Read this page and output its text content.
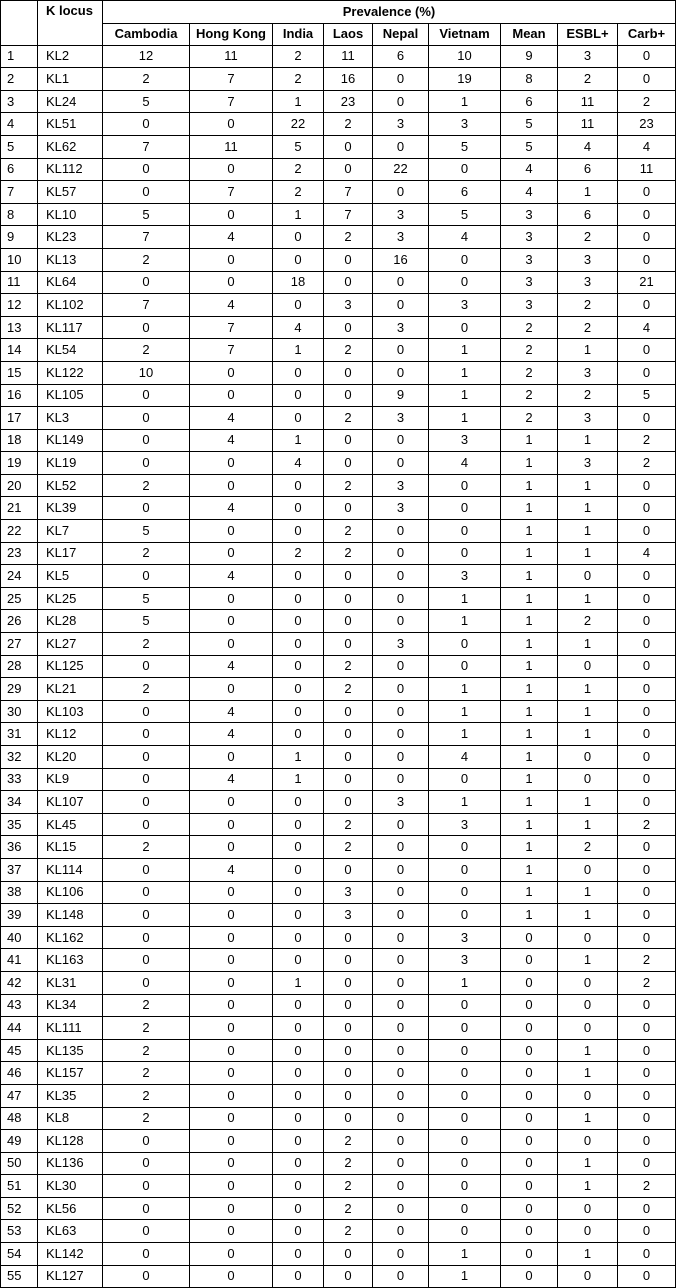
	K locus	Prevalence (%)								
		Cambodia	Hong Kong	India	Laos	Nepal	Vietnam	Mean	ESBL+	Carb+
1	KL2	12	11	2	11	6	10	9	3	0
2	KL1	2	7	2	16	0	19	8	2	0
3	KL24	5	7	1	23	0	1	6	11	2
4	KL51	0	0	22	2	3	3	5	11	23
5	KL62	7	11	5	0	0	5	5	4	4
6	KL112	0	0	2	0	22	0	4	6	11
7	KL57	0	7	2	7	0	6	4	1	0
8	KL10	5	0	1	7	3	5	3	6	0
9	KL23	7	4	0	2	3	4	3	2	0
10	KL13	2	0	0	0	16	0	3	3	0
11	KL64	0	0	18	0	0	0	3	3	21
12	KL102	7	4	0	3	0	3	3	2	0
13	KL117	0	7	4	0	3	0	2	2	4
14	KL54	2	7	1	2	0	1	2	1	0
15	KL122	10	0	0	0	0	1	2	3	0
16	KL105	0	0	0	0	9	1	2	2	5
17	KL3	0	4	0	2	3	1	2	3	0
18	KL149	0	4	1	0	0	3	1	1	2
19	KL19	0	0	4	0	0	4	1	3	2
20	KL52	2	0	0	2	3	0	1	1	0
21	KL39	0	4	0	0	3	0	1	1	0
22	KL7	5	0	0	2	0	0	1	1	0
23	KL17	2	0	2	2	0	0	1	1	4
24	KL5	0	4	0	0	0	3	1	0	0
25	KL25	5	0	0	0	0	1	1	1	0
26	KL28	5	0	0	0	0	1	1	2	0
27	KL27	2	0	0	0	3	0	1	1	0
28	KL125	0	4	0	2	0	0	1	0	0
29	KL21	2	0	0	2	0	1	1	1	0
30	KL103	0	4	0	0	0	1	1	1	0
31	KL12	0	4	0	0	0	1	1	1	0
32	KL20	0	0	1	0	0	4	1	0	0
33	KL9	0	4	1	0	0	0	1	0	0
34	KL107	0	0	0	0	3	1	1	1	0
35	KL45	0	0	0	2	0	3	1	1	2
36	KL15	2	0	0	2	0	0	1	2	0
37	KL114	0	4	0	0	0	0	1	0	0
38	KL106	0	0	0	3	0	0	1	1	0
39	KL148	0	0	0	3	0	0	1	1	0
40	KL162	0	0	0	0	0	3	0	0	0
41	KL163	0	0	0	0	0	3	0	1	2
42	KL31	0	0	1	0	0	1	0	0	2
43	KL34	2	0	0	0	0	0	0	0	0
44	KL111	2	0	0	0	0	0	0	0	0
45	KL135	2	0	0	0	0	0	0	1	0
46	KL157	2	0	0	0	0	0	0	1	0
47	KL35	2	0	0	0	0	0	0	0	0
48	KL8	2	0	0	0	0	0	0	1	0
49	KL128	0	0	0	2	0	0	0	0	0
50	KL136	0	0	0	2	0	0	0	1	0
51	KL30	0	0	0	2	0	0	0	1	2
52	KL56	0	0	0	2	0	0	0	0	0
53	KL63	0	0	0	2	0	0	0	0	0
54	KL142	0	0	0	0	0	1	0	1	0
55	KL127	0	0	0	0	0	1	0	0	0
